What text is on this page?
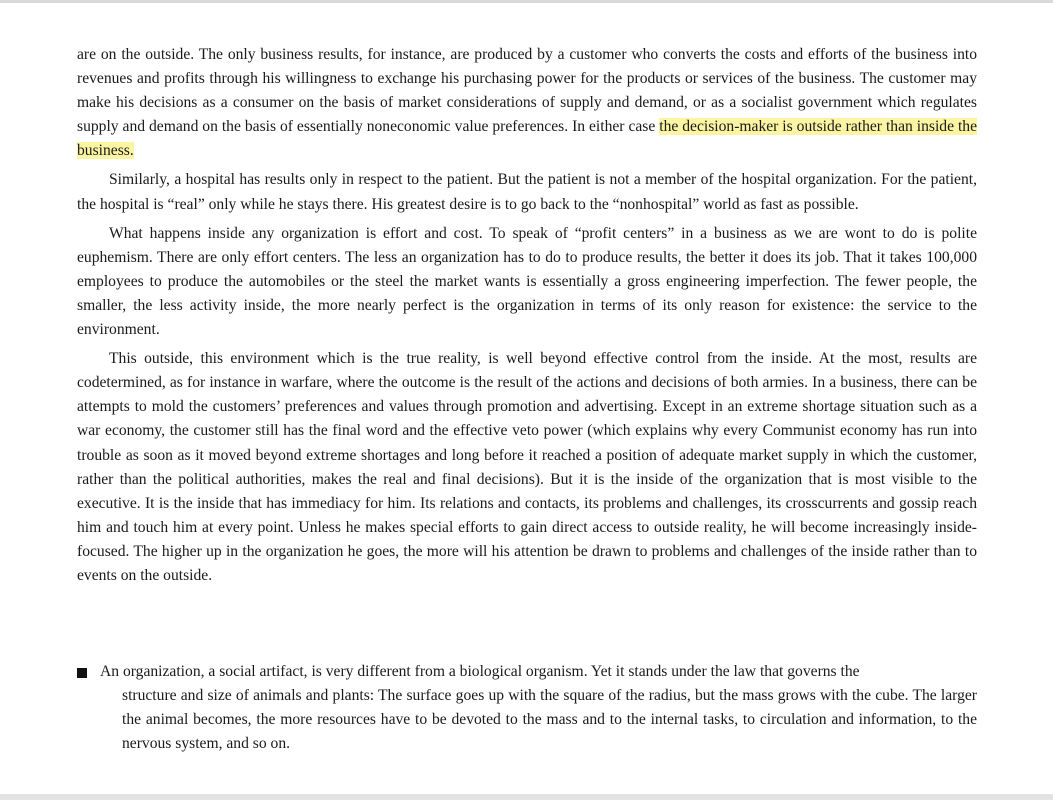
are on the outside. The only business results, for instance, are produced by a customer who converts the costs and efforts of the business into revenues and profits through his willingness to exchange his purchasing power for the products or services of the business. The customer may make his decisions as a consumer on the basis of market considerations of supply and demand, or as a socialist government which regulates supply and demand on the basis of essentially noneconomic value preferences. In either case the decision-maker is outside rather than inside the business.

Similarly, a hospital has results only in respect to the patient. But the patient is not a member of the hospital organization. For the patient, the hospital is “real” only while he stays there. His greatest desire is to go back to the “nonhospital” world as fast as possible.

What happens inside any organization is effort and cost. To speak of “profit centers” in a business as we are wont to do is polite euphemism. There are only effort centers. The less an organization has to do to produce results, the better it does its job. That it takes 100,000 employees to produce the automobiles or the steel the market wants is essentially a gross engineering imperfection. The fewer people, the smaller, the less activity inside, the more nearly perfect is the organization in terms of its only reason for existence: the service to the environment.

This outside, this environment which is the true reality, is well beyond effective control from the inside. At the most, results are codetermined, as for instance in warfare, where the outcome is the result of the actions and decisions of both armies. In a business, there can be attempts to mold the customers’ preferences and values through promotion and advertising. Except in an extreme shortage situation such as a war economy, the customer still has the final word and the effective veto power (which explains why every Communist economy has run into trouble as soon as it moved beyond extreme shortages and long before it reached a position of adequate market supply in which the customer, rather than the political authorities, makes the real and final decisions). But it is the inside of the organization that is most visible to the executive. It is the inside that has immediacy for him. Its relations and contacts, its problems and challenges, its crosscurrents and gossip reach him and touch him at every point. Unless he makes special efforts to gain direct access to outside reality, he will become increasingly inside-focused. The higher up in the organization he goes, the more will his attention be drawn to problems and challenges of the inside rather than to events on the outside.

An organization, a social artifact, is very different from a biological organism. Yet it stands under the law that governs the
structure and size of animals and plants: The surface goes up with the square of the radius, but the mass grows with the cube. The larger the animal becomes, the more resources have to be devoted to the mass and to the internal tasks, to circulation and information, to the nervous system, and so on.
